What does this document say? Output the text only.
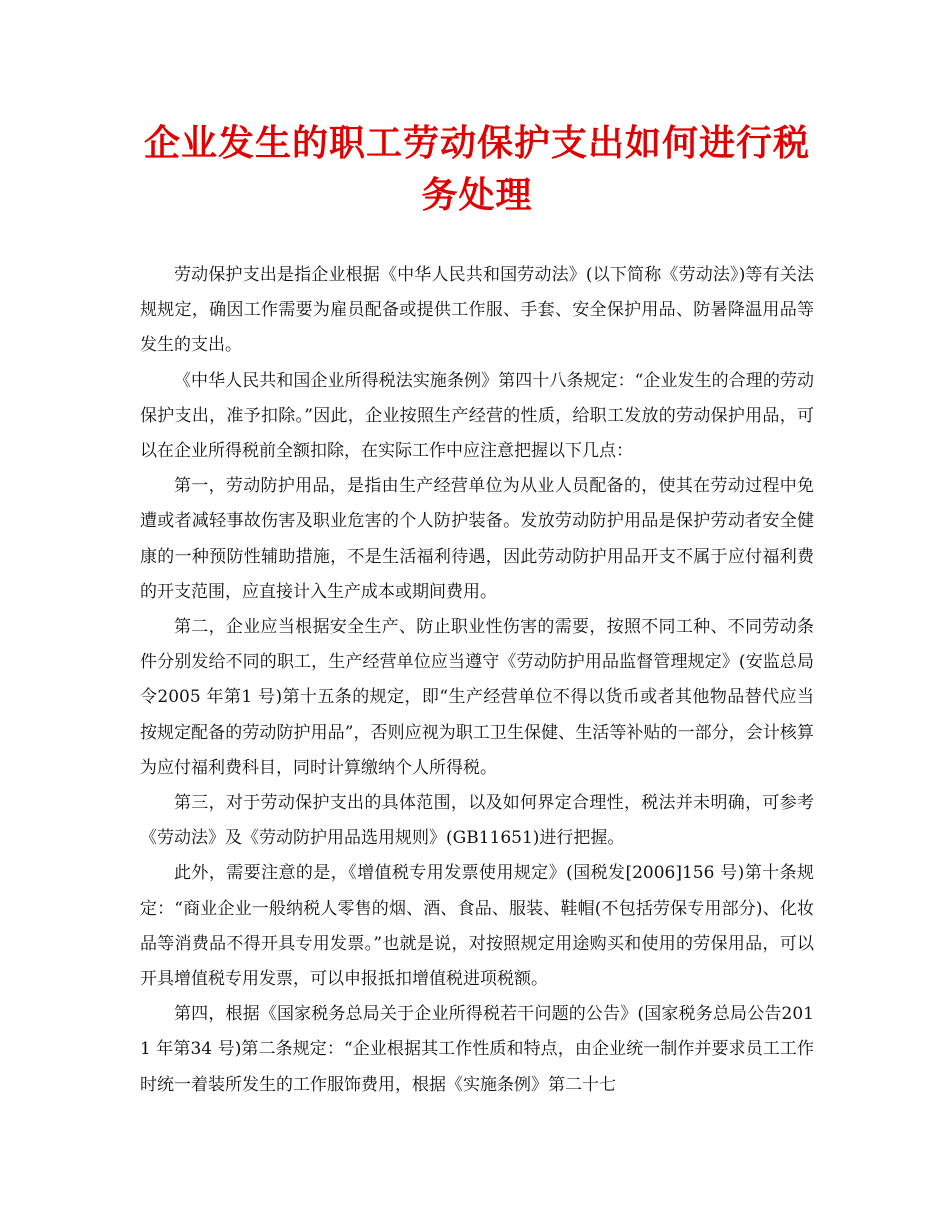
企业发生的职工劳动保护支出如何进行税务处理

劳动保护支出是指企业根据《中华人民共和国劳动法》(以下简称《劳动法》)等有关法规规定，确因工作需要为雇员配备或提供工作服、手套、安全保护用品、防暑降温用品等发生的支出。

《中华人民共和国企业所得税法实施条例》第四十八条规定：“企业发生的合理的劳动保护支出，准予扣除。”因此，企业按照生产经营的性质，给职工发放的劳动保护用品，可以在企业所得税前全额扣除，在实际工作中应注意把握以下几点：

第一，劳动防护用品，是指由生产经营单位为从业人员配备的，使其在劳动过程中免遭或者减轻事故伤害及职业危害的个人防护装备。发放劳动防护用品是保护劳动者安全健康的一种预防性辅助措施，不是生活福利待遇，因此劳动防护用品开支不属于应付福利费的开支范围，应直接计入生产成本或期间费用。

第二，企业应当根据安全生产、防止职业性伤害的需要，按照不同工种、不同劳动条件分别发给不同的职工，生产经营单位应当遵守《劳动防护用品监督管理规定》(安监总局令2005 年第1 号)第十五条的规定，即“生产经营单位不得以货币或者其他物品替代应当按规定配备的劳动防护用品”，否则应视为职工卫生保健、生活等补贴的一部分，会计核算为应付福利费科目，同时计算缴纳个人所得税。

第三，对于劳动保护支出的具体范围，以及如何界定合理性，税法并未明确，可参考《劳动法》及《劳动防护用品选用规则》(GB11651)进行把握。

此外，需要注意的是，《增值税专用发票使用规定》(国税发[2006]156 号)第十条规定：“商业企业一般纳税人零售的烟、酒、食品、服装、鞋帽(不包括劳保专用部分)、化妆品等消费品不得开具专用发票。”也就是说，对按照规定用途购买和使用的劳保用品，可以开具增值税专用发票，可以申报抵扣增值税进项税额。

第四，根据《国家税务总局关于企业所得税若干问题的公告》(国家税务总局公告2011 年第34 号)第二条规定：“企业根据其工作性质和特点，由企业统一制作并要求员工工作时统一着装所发生的工作服饰费用，根据《实施条例》第二十七
